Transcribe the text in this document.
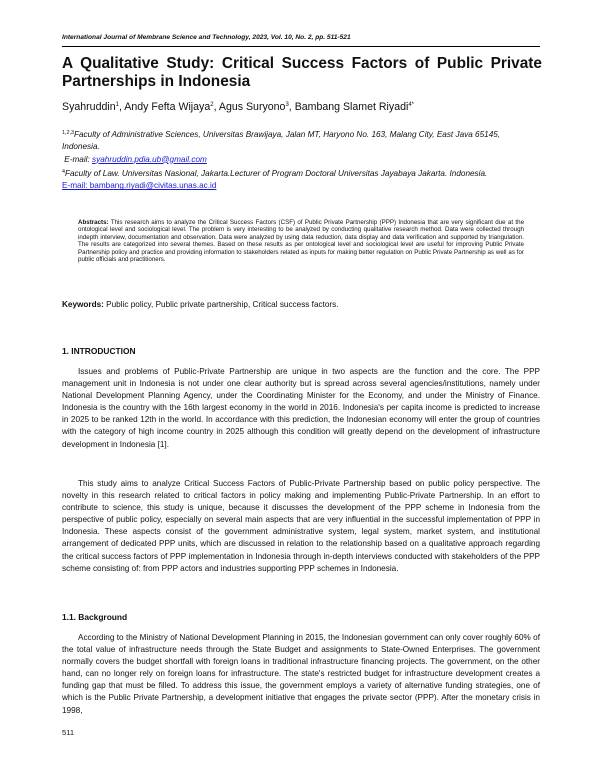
International Journal of Membrane Science and Technology, 2023, Vol. 10, No. 2, pp. 511-521
A Qualitative Study: Critical Success Factors of Public Private Partnerships in Indonesia
Syahruddin$^1$, Andy Fefta Wijaya$^2$, Agus Suryono$^3$, Bambang Slamet Riyadi$^{4*}$
$^{1,2,3}$Faculty of Administrative Sciences, Universitas Brawijaya, Jalan MT, Haryono No. 163, Malang City, East Java 65145, Indonesia.
E-mail: syahruddin.pdia.ub@gmail.com
$^4$Faculty of Law. Universitas Nasional, Jakarta.Lecturer of Program Doctoral Universitas Jayabaya Jakarta. Indonesia.
E-mail: bambang.riyadi@civitas.unas.ac.id
Abstracts: This research aims to analyze the Critical Success Factors (CSF) of Public Private Partnership (PPP) Indonesia that are very significant due at the ontological level and sociological level. The problem is very interesting to be analyzed by conducting qualitative research method. Data were collected through indepth interview, documentation and observation. Data were analyzed by using data reduction, data display and data verification and supported by triangulation. The results are categorized into several themes. Based on these results as per ontological level and sociological level are useful for improving Public Private Partnership policy and practice and providing information to stakeholders related as inputs for making better regulation on Public Private Partnership as well as for public officials and practitioners.
Keywords: Public policy, Public private partnership, Critical success factors.
1. INTRODUCTION
Issues and problems of Public-Private Partnership are unique in two aspects are the function and the core. The PPP management unit in Indonesia is not under one clear authority but is spread across several agencies/institutions, namely under National Development Planning Agency, under the Coordinating Minister for the Economy, and under the Ministry of Finance. Indonesia is the country with the 16th largest economy in the world in 2016. Indonesia's per capita income is predicted to increase in 2025 to be ranked 12th in the world. In accordance with this prediction, the Indonesian economy will enter the group of countries with the category of high income country in 2025 although this condition will greatly depend on the development of infrastructure development in Indonesia [1].
This study aims to analyze Critical Success Factors of Public-Private Partnership based on public policy perspective. The novelty in this research related to critical factors in policy making and implementing Public-Private Partnership. In an effort to contribute to science, this study is unique, because it discusses the development of the PPP scheme in Indonesia from the perspective of public policy, especially on several main aspects that are very influential in the successful implementation of PPP in Indonesia. These aspects consist of the government administrative system, legal system, market system, and institutional arrangement of dedicated PPP units, which are discussed in relation to the relationship based on a qualitative approach regarding the critical success factors of PPP implementation in Indonesia through in-depth interviews conducted with stakeholders of the PPP scheme consisting of: from PPP actors and industries supporting PPP schemes in Indonesia.
1.1. Background
According to the Ministry of National Development Planning in 2015, the Indonesian government can only cover roughly 60% of the total value of infrastructure needs through the State Budget and assignments to State-Owned Enterprises. The government normally covers the budget shortfall with foreign loans in traditional infrastructure financing projects. The government, on the other hand, can no longer rely on foreign loans for infrastructure. The state's restricted budget for infrastructure development creates a funding gap that must be filled. To address this issue, the government employs a variety of alternative funding strategies, one of which is the Public Private Partnership, a development initiative that engages the private sector (PPP). After the monetary crisis in 1998,
511
